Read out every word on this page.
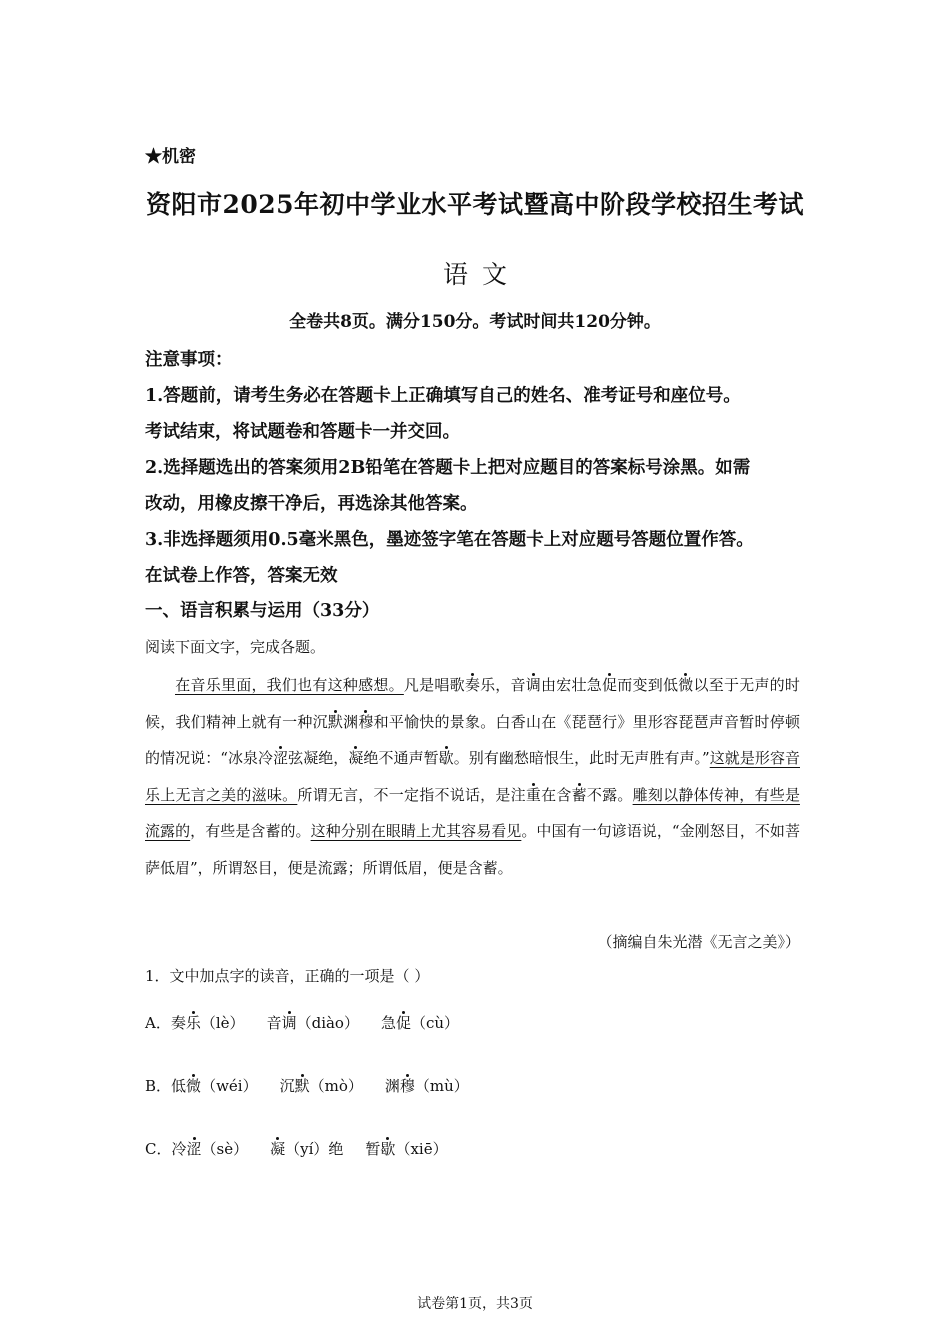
★机密
资阳市2025年初中学业水平考试暨高中阶段学校招生考试
语文
全卷共8页。满分150分。考试时间共120分钟。
注意事项：
1.答题前，请考生务必在答题卡上正确填写自己的姓名、准考证号和座位号。
考试结束，将试题卷和答题卡一并交回。
2.选择题选出的答案须用2B铅笔在答题卡上把对应题目的答案标号涂黑。如需
改动，用橡皮擦干净后，再选涂其他答案。
3.非选择题须用0.5毫米黑色，墨迹签字笔在答题卡上对应题号答题位置作答。
在试卷上作答，答案无效
一、语言积累与运用（33分）
阅读下面文字，完成各题。

在音乐里面，我们也有这种感想。凡是唱歌奏乐，音调由宏壮急促而变到低微以至于无声的时候，我们精神上就有一种沉默渊穆和平愉快的景象。白香山在《琵琶行》里形容琵琶声音暂时停顿的情况说：“冰泉冷涩弦凝绝，凝绝不通声暂歇。别有幽愁暗恨生，此时无声胜有声。”这就是形容音乐上无言之美的滋味。所谓无言，不一定指不说话，是注重在含蓄不露。雕刻以静体传神，有些是流露的，有些是含蓄的。这种分别在眼睛上尤其容易看见。中国有一句谚语说，“金刚怒目，不如菩萨低眉”，所谓怒目，便是流露；所谓低眉，便是含蓄。

（摘编自朱光潜《无言之美》）
1．文中加点字的读音，正确的一项是（ ）
A．奏乐（lè） 音调（diào） 急促（cù）
B．低微（wéi） 沉默（mò） 渊穆（mù）
C．冷涩（sè） 凝（yí）绝 暂歇（xiē）
试卷第1页，共3页
